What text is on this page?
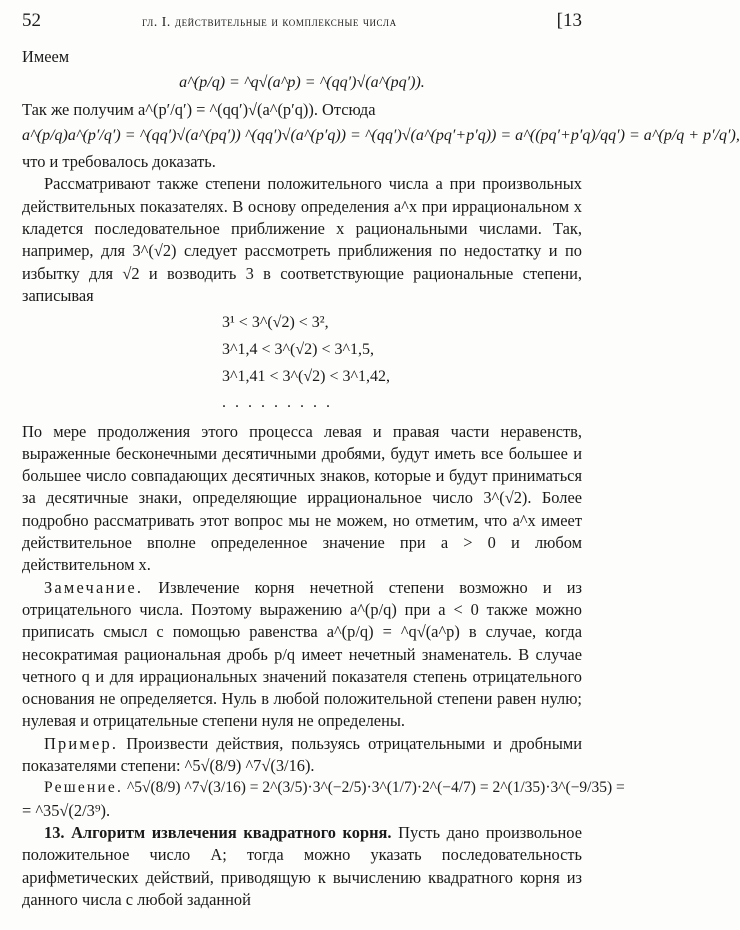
52	гл. I. действительные и комплексные числа	[13

Имеем

a^(p/q) = ^q√(a^p) = ^(qq′)√(a^(pq′)).

Так же получим a^(p′/q′) = ^(qq′)√(a^(p′q)). Отсюда

a^(p/q)a^(p′/q′) = ^(qq′)√(a^(pq′)) ^(qq′)√(a^(p′q)) = ^(qq′)√(a^(pq′+p′q)) = a^((pq′+p′q)/qq′) = a^(p/q + p′/q′),

что и требовалось доказать.

Рассматривают также степени положительного числа a при произвольных действительных показателях. В основу определения a^x при иррациональном x кладется последовательное приближение x рациональными числами. Так, например, для 3^(√2) следует рассмотреть приближения по недостатку и по избытку для √2 и возводить 3 в соответствующие рациональные степени, записывая

3¹ < 3^(√2) < 3²,
3^1,4 < 3^(√2) < 3^1,5,
3^1,41 < 3^(√2) < 3^1,42,
.........

По мере продолжения этого процесса левая и правая части неравенств, выраженные бесконечными десятичными дробями, будут иметь все большее и большее число совпадающих десятичных знаков, которые и будут приниматься за десятичные знаки, определяющие иррациональное число 3^(√2). Более подробно рассматривать этот вопрос мы не можем, но отметим, что a^x имеет действительное вполне определенное значение при a > 0 и любом действительном x.

Замечание. Извлечение корня нечетной степени возможно и из отрицательного числа. Поэтому выражению a^(p/q) при a < 0 также можно приписать смысл с помощью равенства a^(p/q) = ^q√(a^p) в случае, когда несократимая рациональная дробь p/q имеет нечетный знаменатель. В случае четного q и для иррациональных значений показателя степень отрицательного основания не определяется. Нуль в любой положительной степени равен нулю; нулевая и отрицательные степени нуля не определены.

Пример. Произвести действия, пользуясь отрицательными и дробными показателями степени: ^5√(8/9) ^7√(3/16).

Решение. ^5√(8/9) ^7√(3/16) = 2^(3/5)·3^(−2/5)·3^(1/7)·2^(−4/7) = 2^(1/35)·3^(−9/35) =

= ^35√(2/3⁹).

13. Алгоритм извлечения квадратного корня. Пусть дано произвольное положительное число A; тогда можно указать последовательность арифметических действий, приводящую к вычислению квадратного корня из данного числа с любой заданной
